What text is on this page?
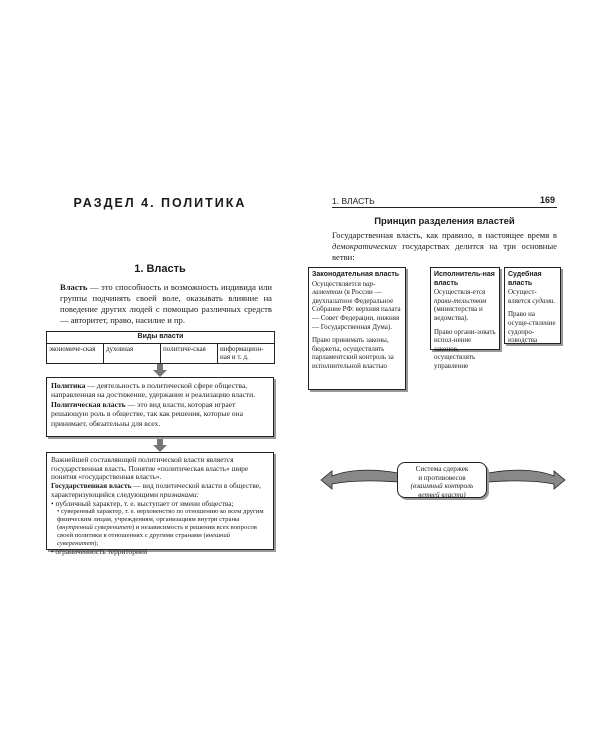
РАЗДЕЛ 4. ПОЛИТИКА
1. Власть
Власть — это способность и возможность индивида или группы подчинять своей воле, оказывать влияние на поведение других людей с помощью различных средств — авторитет, право, насилие и пр.
Виды власти
экономиче-ская	духовная	политиче-ская	информацион-ная и т. д.
Политика — деятельность в политической сфере общества, направленная на достижение, удержание и реализацию власти.
Политическая власть — это вид власти, которая играет решающую роль в обществе, так как решения, которые она принимает, обязательны для всех.
Важнейшей составляющей политической власти является государственная власть. Понятие «политическая власть» шире понятия «государственная власть».
Государственная власть — вид политической власти в обществе, характеризующийся следующими признаками:
• публичный характер, т. е. выступает от имени общества;
• суверенный характер, т. е. верховенство по отношению ко всем другим физическим лицам, учреждениям, организациям внутри страны (внутренний суверенитет) и независимость в решении всех вопросов своей политики в отношениях с другими странами (внешний суверенитет);
• ограниченность территорией
1. ВЛАСТЬ	169
Принцип разделения властей
Государственная власть, как правило, в настоящее время в демократических государствах делится на три основные ветви:
Законодательная власть
Осуществляется пар-ламентом (в России — двухпалатное Федеральное Собрание РФ: верхняя палата — Совет Федерации, нижняя — Государственная Дума).
Право принимать законы, бюджеты, осуществлять парламентский контроль за исполнительной властью
Исполнитель-ная власть
Осуществля-ется прави-тельством (министерства и ведомства).
Право органи-зовать испол-нение законов, осуществлять управление
Судебная власть
Осущест-вляется судами.
Право на осуще-ствление судопро-изводства
Система сдержек
и противовесов
(взаимный контроль
ветвей власти)
